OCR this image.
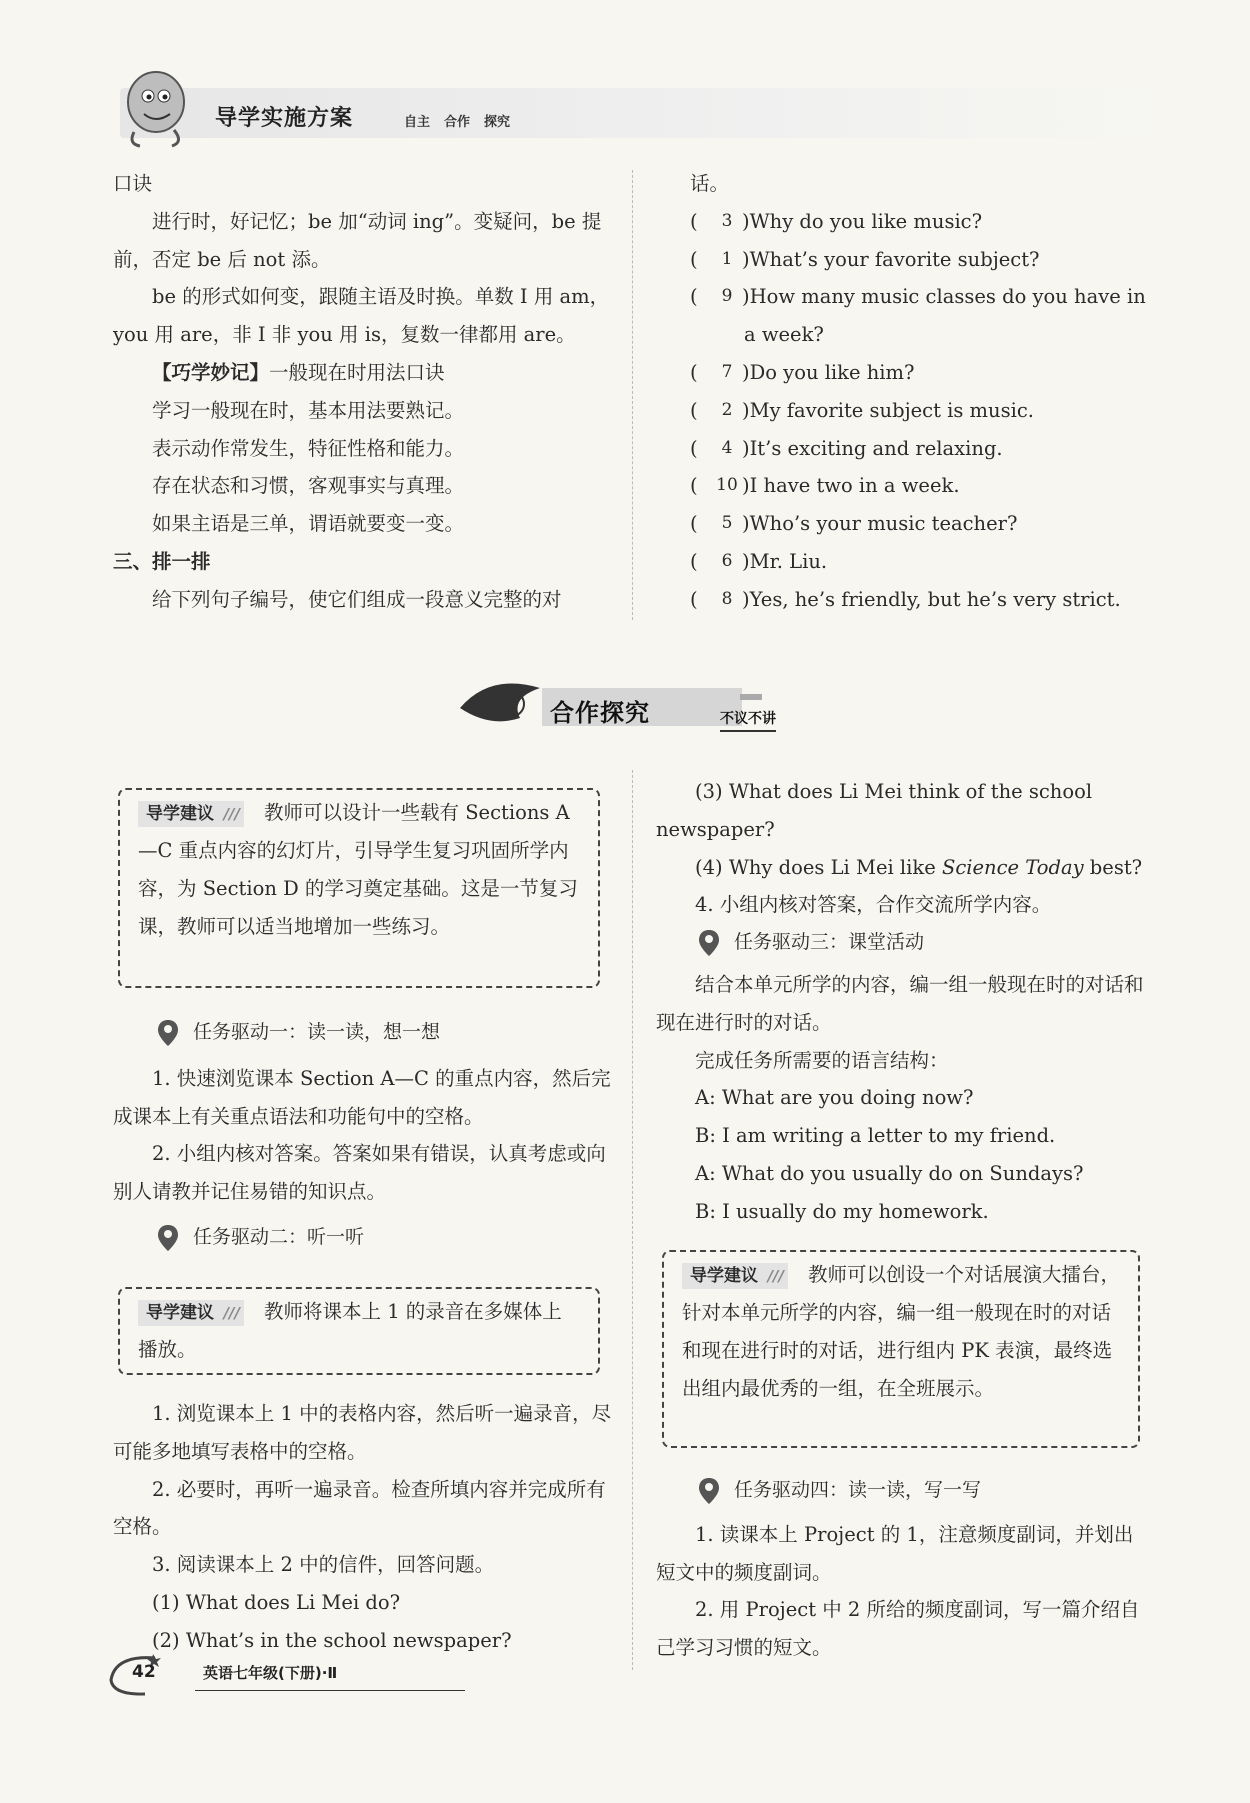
导学实施方案	自主 合作 探究

口诀

进行时，好记忆；be 加“动词 ing”。变疑问，be 提前，否定 be 后 not 添。

be 的形式如何变，跟随主语及时换。单数 I 用 am，you 用 are，非 I 非 you 用 is，复数一律都用 are。

【巧学妙记】一般现在时用法口诀

学习一般现在时，基本用法要熟记。

表示动作常发生，特征性格和能力。

存在状态和习惯，客观事实与真理。

如果主语是三单，谓语就要变一变。

三、排一排

给下列句子编号，使它们组成一段意义完整的对

话。

(	3 )Why do you like music?
(	1 )What’s your favorite subject?
(	9 )How many music classes do you have in
a week?
(	7 )Do you like him?
(	2 )My favorite subject is music.
(	4 )It’s exciting and relaxing.
(	10 )I have two in a week.
(	5 )Who’s your music teacher?
(	6 )Mr. Liu.
(	8 )Yes, he’s friendly, but he’s very strict.
合作探究	不议不讲
导学建议 ///	教师可以设计一些载有 Sections A—C 重点内容的幻灯片，引导学生复习巩固所学内容，为 Section D 的学习奠定基础。这是一节复习课，教师可以适当地增加一些练习。
任务驱动一：读一读，想一想

1. 快速浏览课本 Section A—C 的重点内容，然后完成课本上有关重点语法和功能句中的空格。

2. 小组内核对答案。答案如果有错误，认真考虑或向别人请教并记住易错的知识点。

任务驱动二：听一听
导学建议 ///	教师将课本上 1 的录音在多媒体上播放。

1. 浏览课本上 1 中的表格内容，然后听一遍录音，尽可能多地填写表格中的空格。

2. 必要时，再听一遍录音。检查所填内容并完成所有空格。

3. 阅读课本上 2 中的信件，回答问题。

(1) What does Li Mei do?

(2) What’s in the school newspaper?

(3) What does Li Mei think of the school newspaper?

(4) Why does Li Mei like Science Today best?

4. 小组内核对答案，合作交流所学内容。

任务驱动三：课堂活动

结合本单元所学的内容，编一组一般现在时的对话和现在进行时的对话。

完成任务所需要的语言结构：

A: What are you doing now?

B: I am writing a letter to my friend.

A: What do you usually do on Sundays?

B: I usually do my homework.

导学建议 ///	教师可以创设一个对话展演大擂台，针对本单元所学的内容，编一组一般现在时的对话和现在进行时的对话，进行组内 PK 表演，最终选出组内最优秀的一组，在全班展示。
任务驱动四：读一读，写一写

1. 读课本上 Project 的 1，注意频度副词，并划出短文中的频度副词。

2. 用 Project 中 2 所给的频度副词，写一篇介绍自己学习习惯的短文。

42	英语七年级(下册)·Ⅱ
